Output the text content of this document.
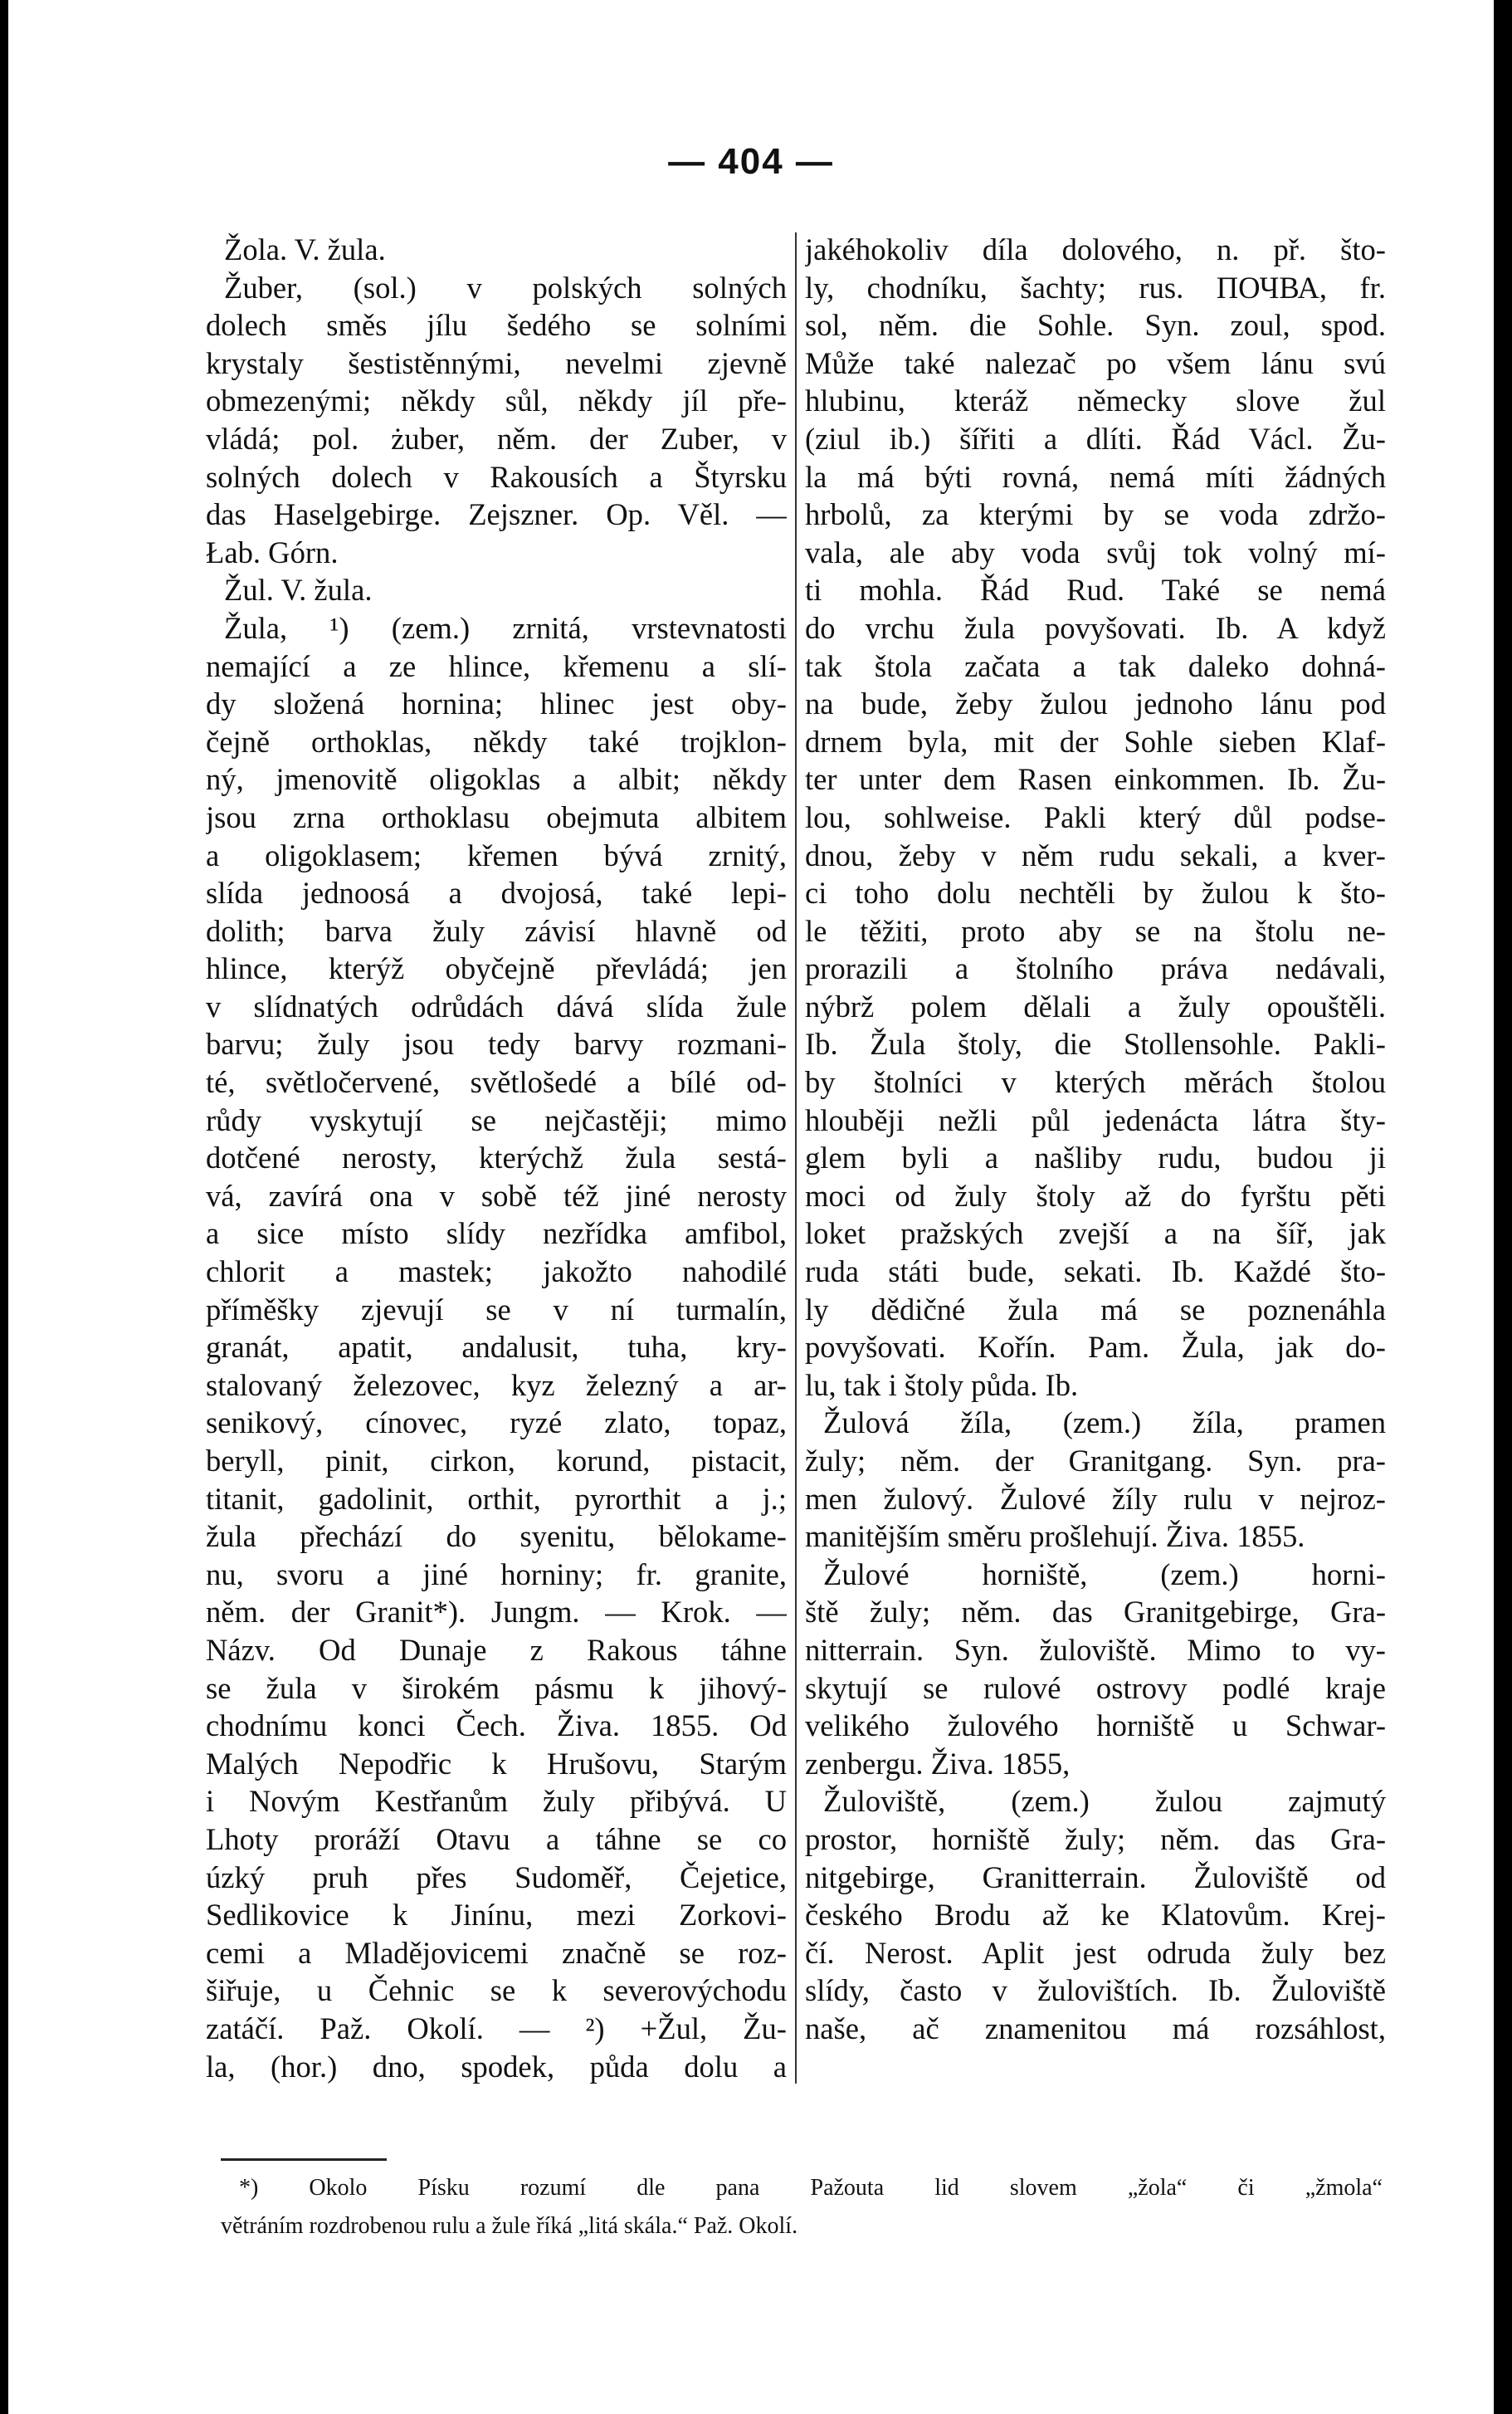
— 404 —
Žola. V. žula.
Žuber, (sol.) v polských solných
dolech směs jílu šedého se solními
krystaly šestistěnnými, nevelmi zjevně
obmezenými; někdy sůl, někdy jíl pře-
vládá; pol. żuber, něm. der Zuber, v
solných dolech v Rakousích a Štyrsku
das Haselgebirge. Zejszner. Op. Věl. —
Łab. Górn.
Žul. V. žula.
Žula, ¹) (zem.) zrnitá, vrstevnatosti
nemající a ze hlince, křemenu a slí-
dy složená hornina; hlinec jest oby-
čejně orthoklas, někdy také trojklon-
ný, jmenovitě oligoklas a albit; někdy
jsou zrna orthoklasu obejmuta albitem
a oligoklasem; křemen bývá zrnitý,
slída jednoosá a dvojosá, také lepi-
dolith; barva žuly závisí hlavně od
hlince, kterýž obyčejně převládá; jen
v slídnatých odrůdách dává slída žule
barvu; žuly jsou tedy barvy rozmani-
té, světločervené, světlošedé a bílé od-
růdy vyskytují se nejčastěji; mimo
dotčené nerosty, kterýchž žula sestá-
vá, zavírá ona v sobě též jiné nerosty
a sice místo slídy nezřídka amfibol,
chlorit a mastek; jakožto nahodilé
příměšky zjevují se v ní turmalín,
granát, apatit, andalusit, tuha, kry-
stalovaný železovec, kyz železný a ar-
senikový, cínovec, ryzé zlato, topaz,
beryll, pinit, cirkon, korund, pistacit,
titanit, gadolinit, orthit, pyrorthit a j.;
žula přechází do syenitu, bělokame-
nu, svoru a jiné horniny; fr. granite,
něm. der Granit*). Jungm. — Krok. —
Názv. Od Dunaje z Rakous táhne
se žula v širokém pásmu k jihový-
chodnímu konci Čech. Živa. 1855. Od
Malých Nepodřic k Hrušovu, Starým
i Novým Kestřanům žuly přibývá. U
Lhoty proráží Otavu a táhne se co
úzký pruh přes Sudoměř, Čejetice,
Sedlikovice k Jinínu, mezi Zorkovi-
cemi a Mladějovicemi značně se roz-
šiřuje, u Čehnic se k severovýchodu
zatáčí. Paž. Okolí. — ²) +Žul, Žu-
la, (hor.) dno, spodek, půda dolu a
jakéhokoliv díla dolového, n. př. što-
ly, chodníku, šachty; rus. ПОЧВА, fr.
sol, něm. die Sohle. Syn. zoul, spod.
Může také nalezač po všem lánu svú
hlubinu, kteráž německy slove žul
(ziul ib.) šířiti a dlíti. Řád Václ. Žu-
la má býti rovná, nemá míti žádných
hrbolů, za kterými by se voda zdržo-
vala, ale aby voda svůj tok volný mí-
ti mohla. Řád Rud. Také se nemá
do vrchu žula povyšovati. Ib. A když
tak štola začata a tak daleko dohná-
na bude, žeby žulou jednoho lánu pod
drnem byla, mit der Sohle sieben Klaf-
ter unter dem Rasen einkommen. Ib. Žu-
lou, sohlweise. Pakli který důl podse-
dnou, žeby v něm rudu sekali, a kver-
ci toho dolu nechtěli by žulou k što-
le těžiti, proto aby se na štolu ne-
prorazili a štolního práva nedávali,
nýbrž polem dělali a žuly opouštěli.
Ib. Žula štoly, die Stollensohle. Pakli-
by štolníci v kterých měrách štolou
hlouběji nežli půl jedenácta látra šty-
glem byli a našliby rudu, budou ji
moci od žuly štoly až do fyrštu pěti
loket pražských zvejší a na šíř, jak
ruda státi bude, sekati. Ib. Každé što-
ly dědičné žula má se poznenáhla
povyšovati. Kořín. Pam. Žula, jak do-
lu, tak i štoly půda. Ib.
Žulová žíla, (zem.) žíla, pramen
žuly; něm. der Granitgang. Syn. pra-
men žulový. Žulové žíly rulu v nejroz-
manitějším směru prošlehují. Živa. 1855.
Žulové horniště, (zem.) horni-
ště žuly; něm. das Granitgebirge, Gra-
nitterrain. Syn. žuloviště. Mimo to vy-
skytují se rulové ostrovy podlé kraje
velikého žulového horniště u Schwar-
zenbergu. Živa. 1855,
Žuloviště, (zem.) žulou zajmutý
prostor, horniště žuly; něm. das Gra-
nitgebirge, Granitterrain. Žuloviště od
českého Brodu až ke Klatovům. Krej-
čí. Nerost. Aplit jest odruda žuly bez
slídy, často v žulovištích. Ib. Žuloviště
naše, ač znamenitou má rozsáhlost,
*) Okolo Písku rozumí dle pana Pažouta lid slovem „žola“ či „žmola“
větráním rozdrobenou rulu a žule říká „litá skála.“ Paž. Okolí.
